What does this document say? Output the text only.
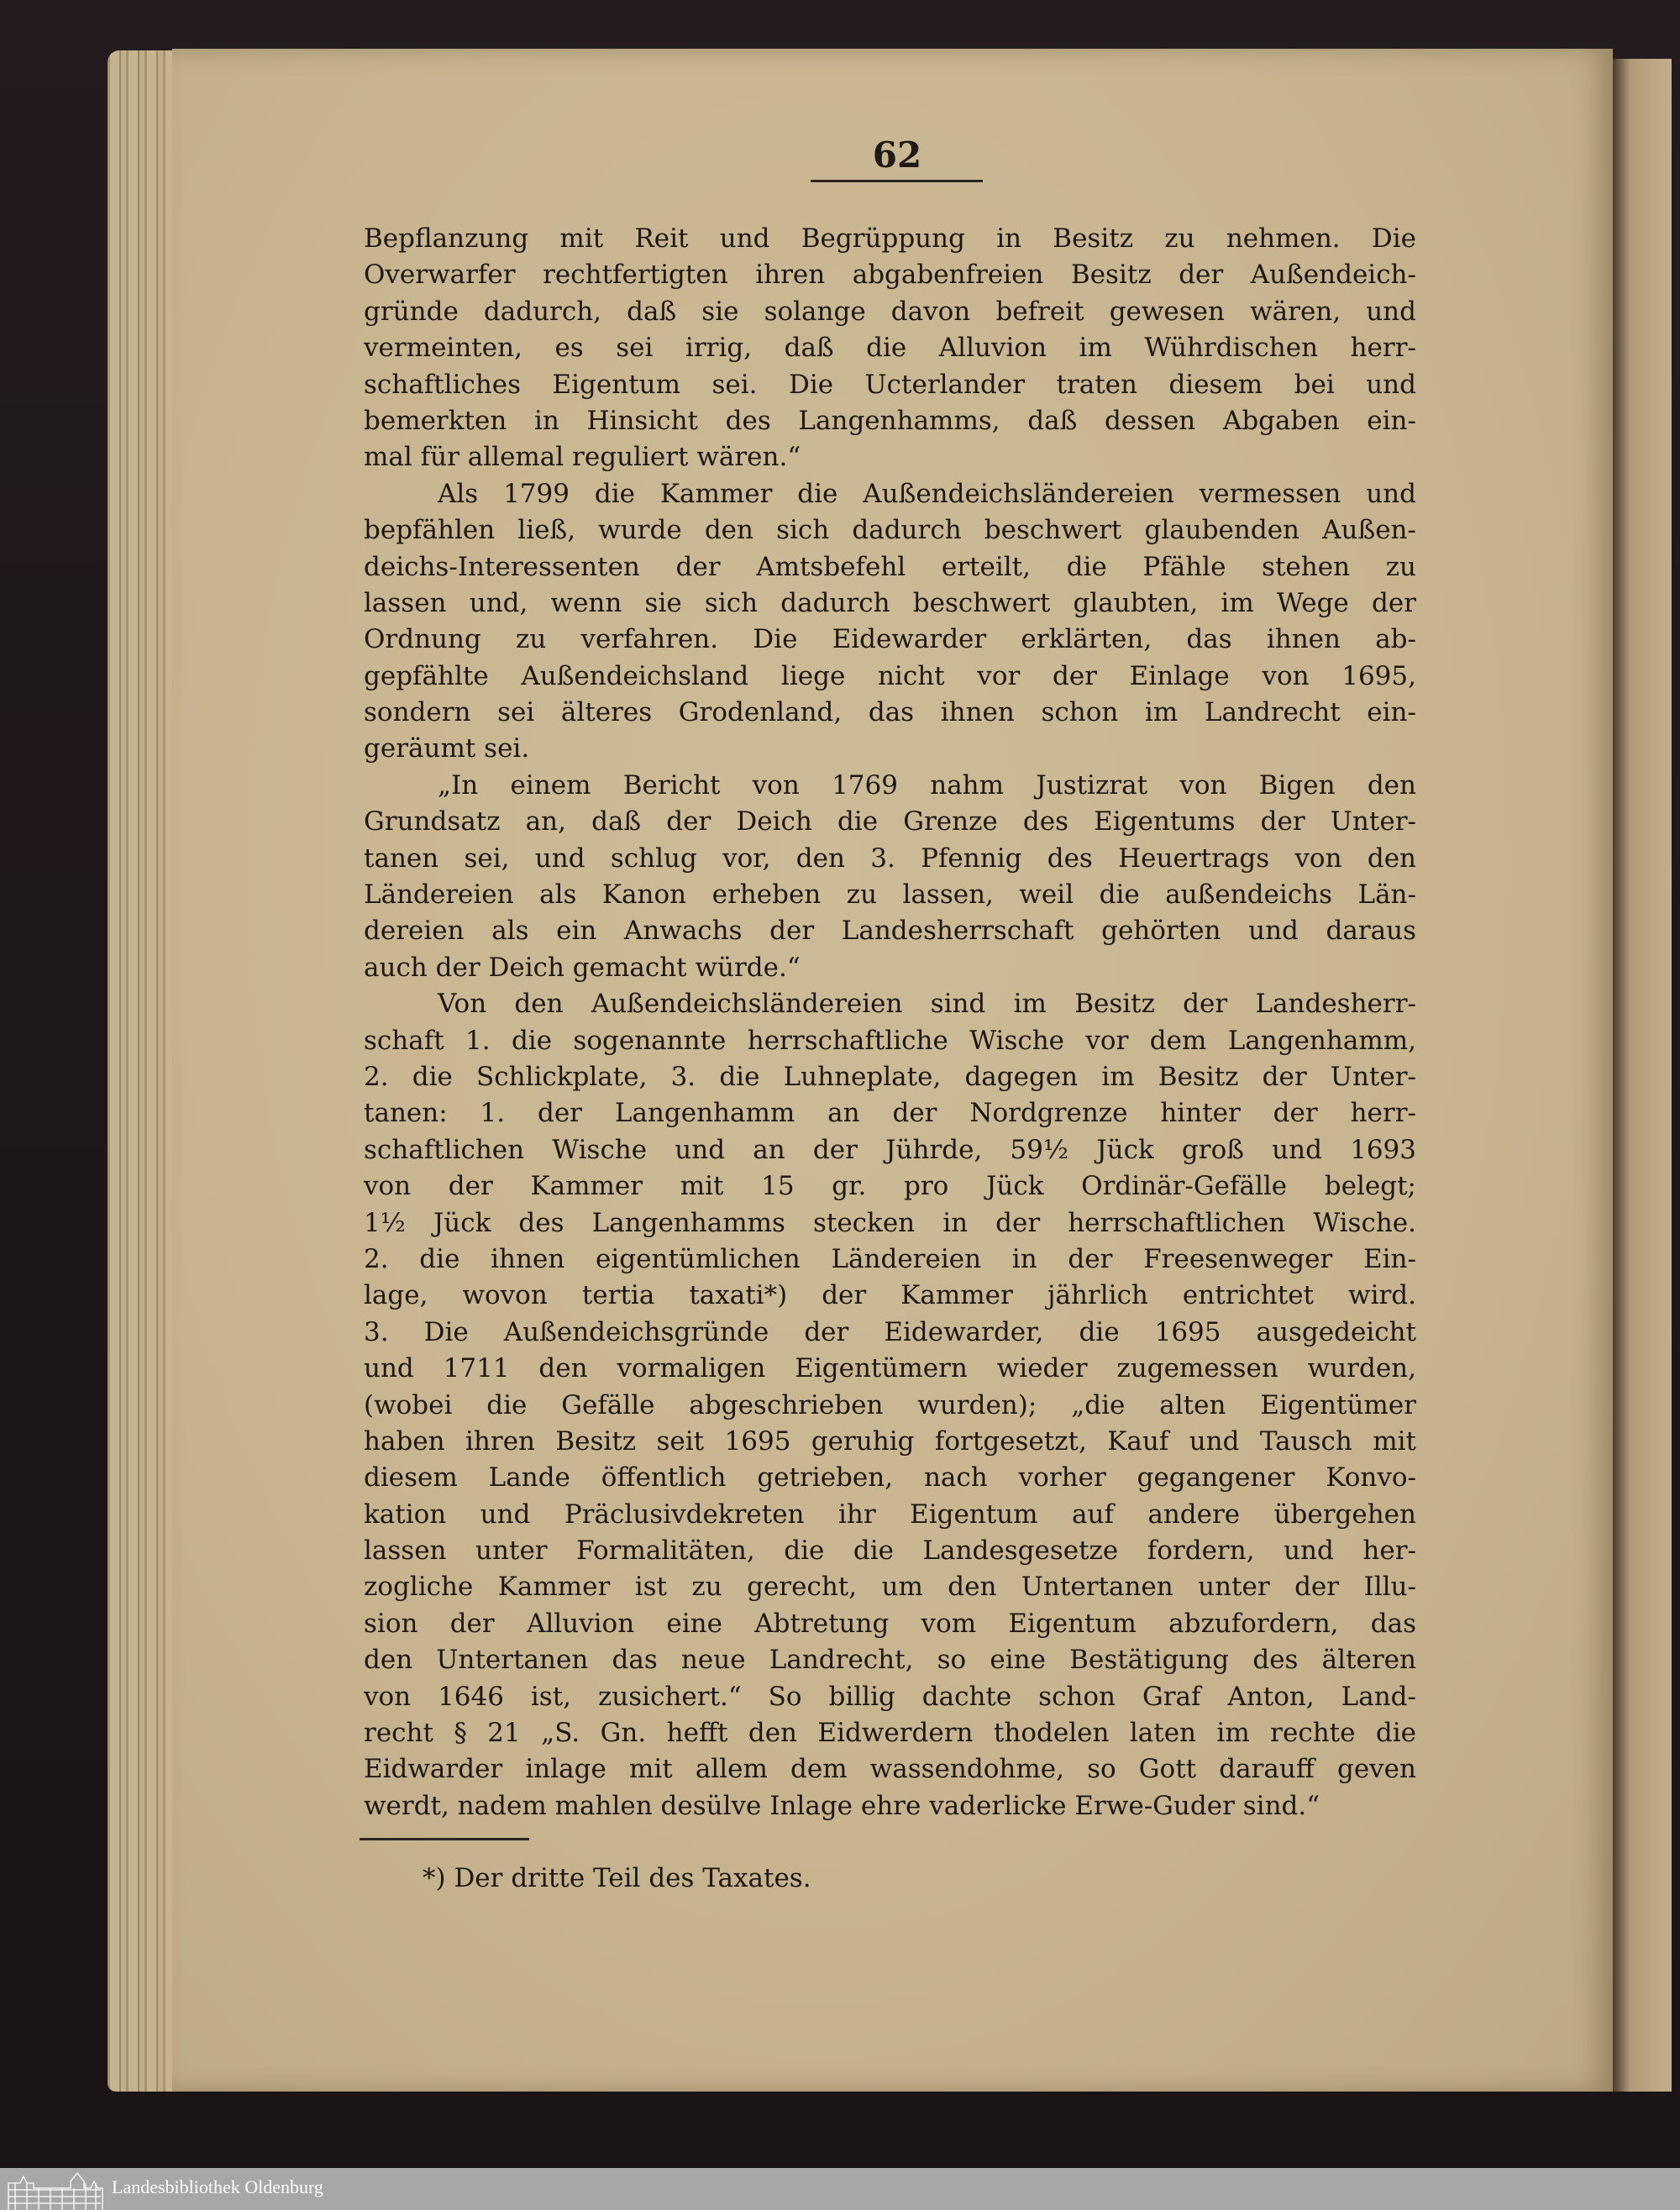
62
Bepflanzung mit Reit und Begrüppung in Besitz zu nehmen. Die
Overwarfer rechtfertigten ihren abgabenfreien Besitz der Außendeich-
gründe dadurch, daß sie solange davon befreit gewesen wären, und
vermeinten, es sei irrig, daß die Alluvion im Wührdischen herr-
schaftliches Eigentum sei. Die Ucterlander traten diesem bei und
bemerkten in Hinsicht des Langenhamms, daß dessen Abgaben ein-
mal für allemal reguliert wären.“
Als 1799 die Kammer die Außendeichsländereien vermessen und
bepfählen ließ, wurde den sich dadurch beschwert glaubenden Außen-
deichs-Interessenten der Amtsbefehl erteilt, die Pfähle stehen zu
lassen und, wenn sie sich dadurch beschwert glaubten, im Wege der
Ordnung zu verfahren. Die Eidewarder erklärten, das ihnen ab-
gepfählte Außendeichsland liege nicht vor der Einlage von 1695,
sondern sei älteres Grodenland, das ihnen schon im Landrecht ein-
geräumt sei.
„In einem Bericht von 1769 nahm Justizrat von Bigen den
Grundsatz an, daß der Deich die Grenze des Eigentums der Unter-
tanen sei, und schlug vor, den 3. Pfennig des Heuertrags von den
Ländereien als Kanon erheben zu lassen, weil die außendeichs Län-
dereien als ein Anwachs der Landesherrschaft gehörten und daraus
auch der Deich gemacht würde.“
Von den Außendeichsländereien sind im Besitz der Landesherr-
schaft 1. die sogenannte herrschaftliche Wische vor dem Langenhamm,
2. die Schlickplate, 3. die Luhneplate, dagegen im Besitz der Unter-
tanen: 1. der Langenhamm an der Nordgrenze hinter der herr-
schaftlichen Wische und an der Jührde, 59½ Jück groß und 1693
von der Kammer mit 15 gr. pro Jück Ordinär-Gefälle belegt;
1½ Jück des Langenhamms stecken in der herrschaftlichen Wische.
2. die ihnen eigentümlichen Ländereien in der Freesenweger Ein-
lage, wovon tertia taxati*) der Kammer jährlich entrichtet wird.
3. Die Außendeichsgründe der Eidewarder, die 1695 ausgedeicht
und 1711 den vormaligen Eigentümern wieder zugemessen wurden,
(wobei die Gefälle abgeschrieben wurden); „die alten Eigentümer
haben ihren Besitz seit 1695 geruhig fortgesetzt, Kauf und Tausch mit
diesem Lande öffentlich getrieben, nach vorher gegangener Konvo-
kation und Präclusivdekreten ihr Eigentum auf andere übergehen
lassen unter Formalitäten, die die Landesgesetze fordern, und her-
zogliche Kammer ist zu gerecht, um den Untertanen unter der Illu-
sion der Alluvion eine Abtretung vom Eigentum abzufordern, das
den Untertanen das neue Landrecht, so eine Bestätigung des älteren
von 1646 ist, zusichert.“ So billig dachte schon Graf Anton, Land-
recht § 21 „S. Gn. hefft den Eidwerdern thodelen laten im rechte die
Eidwarder inlage mit allem dem wassendohme, so Gott darauff geven
werdt, nadem mahlen desülve Inlage ehre vaderlicke Erwe-Guder sind.“
*) Der dritte Teil des Taxates.
Landesbibliothek Oldenburg
